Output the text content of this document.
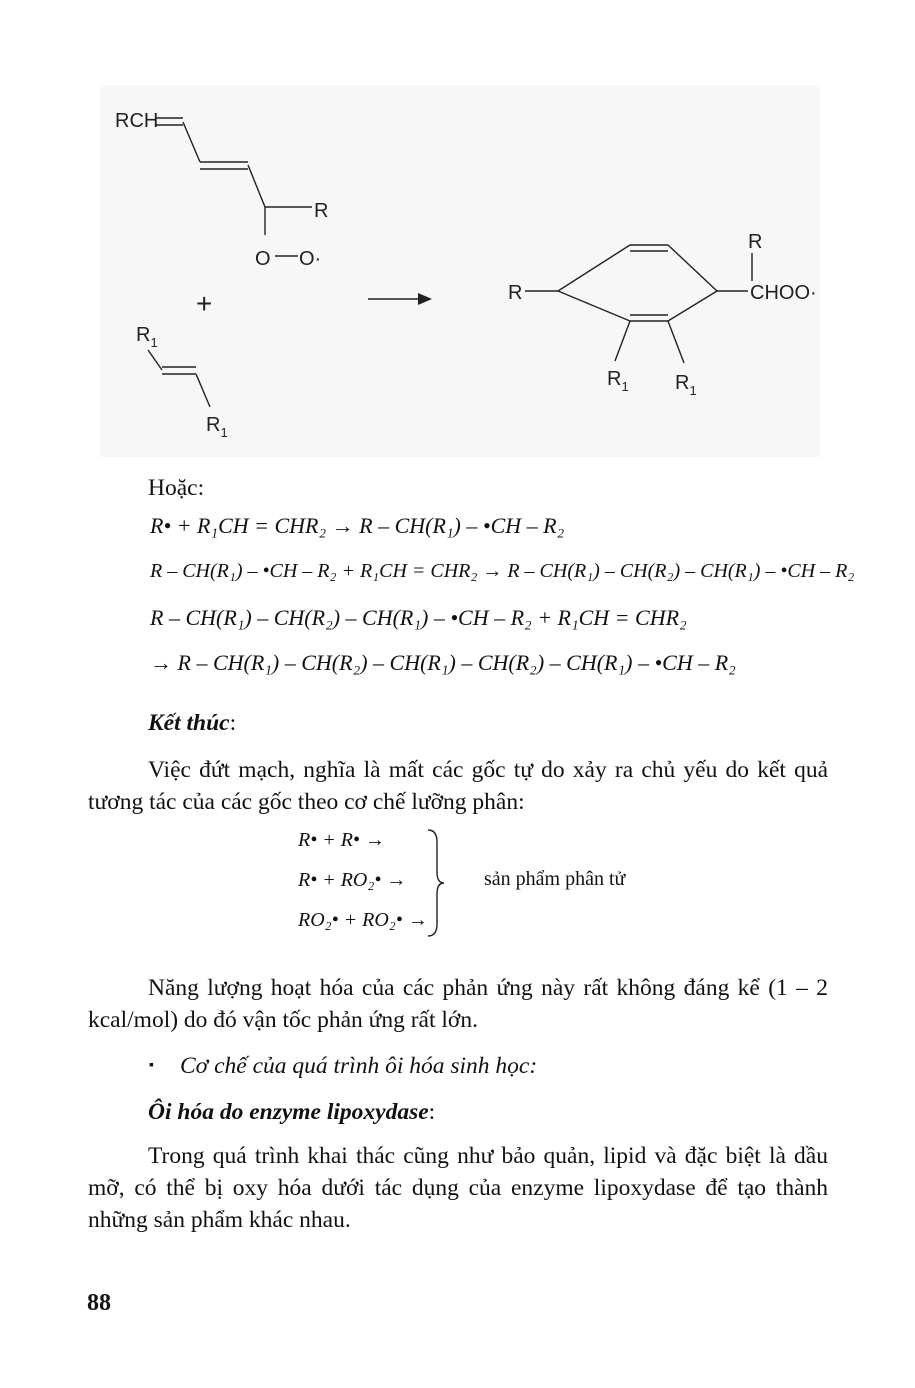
RCH
R
O O·
+
$R_1$
$R_1$
R
R
CHOO·
$R_1$ $R_1$
Hoặc:
R• + R₁CH = CHR₂ → R – CH(R₁) – •CH – R₂
R – CH(R₁) – •CH – R₂ + R₁CH = CHR₂ → R – CH(R₁) – CH(R₂) – CH(R₁) – •CH – R₂
R – CH(R₁) – CH(R₂) – CH(R₁) – •CH – R₂ + R₁CH = CHR₂
→ R – CH(R₁) – CH(R₂) – CH(R₁) – CH(R₂) – CH(R₁) – •CH – R₂
Kết thúc:
Việc đứt mạch, nghĩa là mất các gốc tự do xảy ra chủ yếu do kết quả tương tác của các gốc theo cơ chế lưỡng phân:
R• + R• →
R• + RO₂• →
RO₂• + RO₂• →
sản phẩm phân tử
Năng lượng hoạt hóa của các phản ứng này rất không đáng kể (1 – 2 kcal/mol) do đó vận tốc phản ứng rất lớn.
▪ Cơ chế của quá trình ôi hóa sinh học:
Ôi hóa do enzyme lipoxydase:
Trong quá trình khai thác cũng như bảo quản, lipid và đặc biệt là dầu mỡ, có thể bị oxy hóa dưới tác dụng của enzyme lipoxydase để tạo thành những sản phẩm khác nhau.
88
